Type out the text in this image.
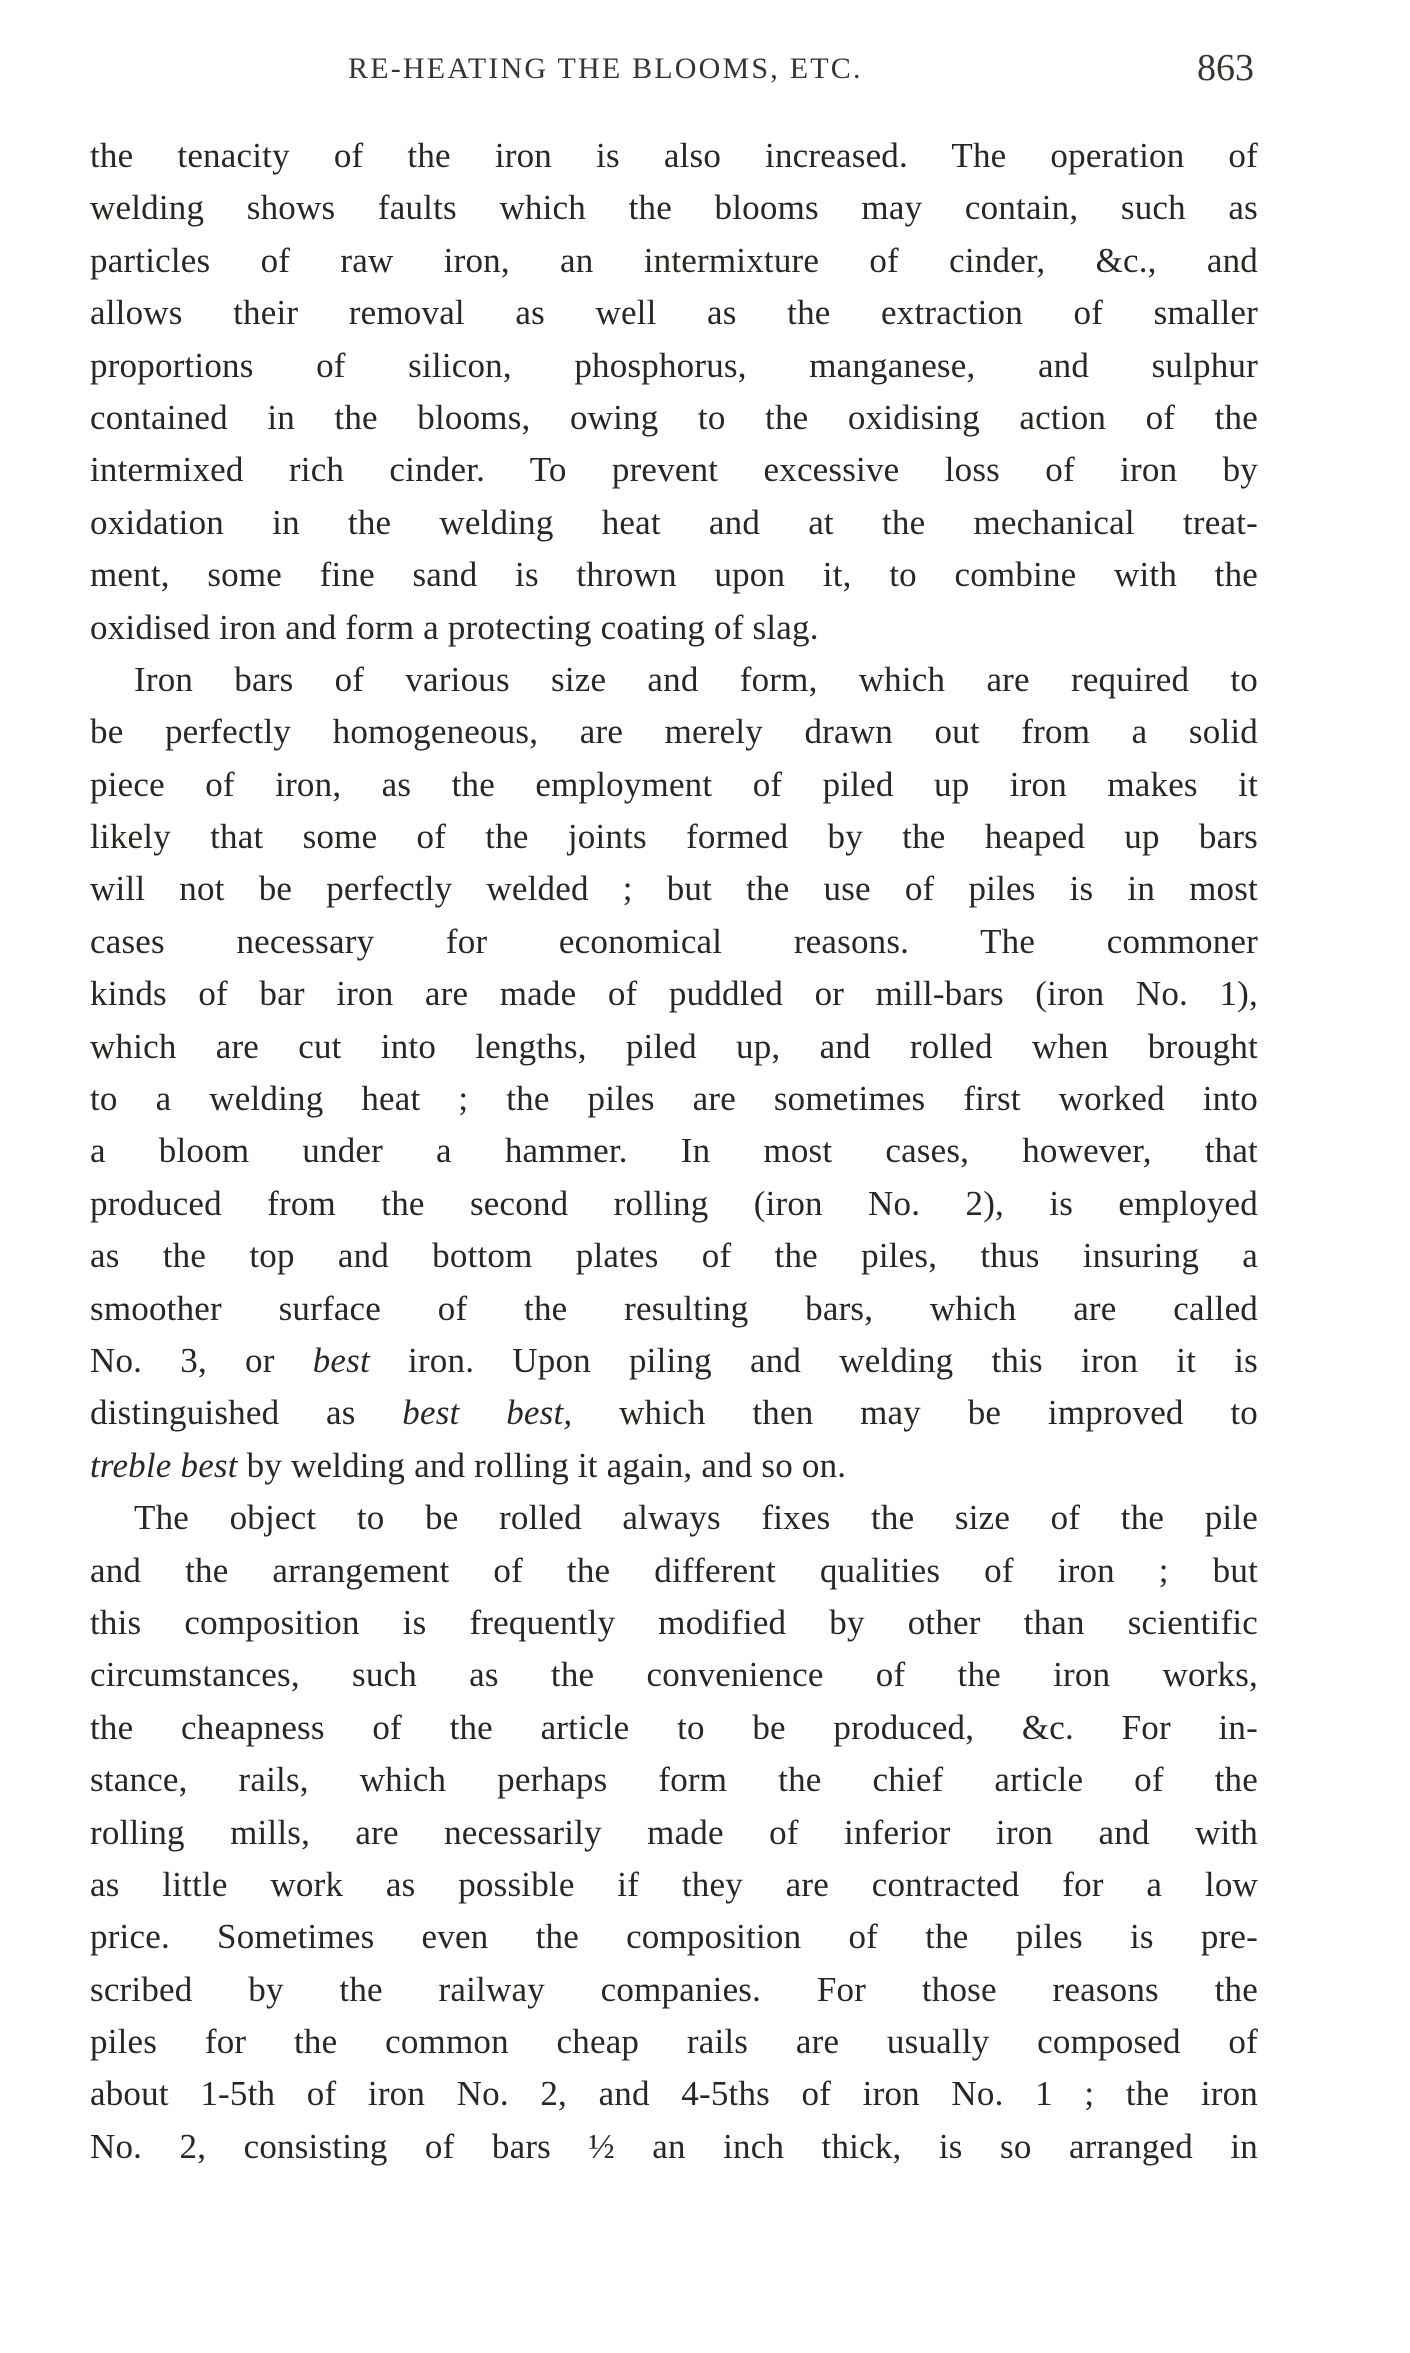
RE-HEATING THE BLOOMS, ETC.	863
the tenacity of the iron is also increased. The operation of
welding shows faults which the blooms may contain, such as
particles of raw iron, an intermixture of cinder, &c., and
allows their removal as well as the extraction of smaller
proportions of silicon, phosphorus, manganese, and sulphur
contained in the blooms, owing to the oxidising action of the
intermixed rich cinder. To prevent excessive loss of iron by
oxidation in the welding heat and at the mechanical treat-
ment, some fine sand is thrown upon it, to combine with the
oxidised iron and form a protecting coating of slag.
Iron bars of various size and form, which are required to
be perfectly homogeneous, are merely drawn out from a solid
piece of iron, as the employment of piled up iron makes it
likely that some of the joints formed by the heaped up bars
will not be perfectly welded ; but the use of piles is in most
cases necessary for economical reasons. The commoner
kinds of bar iron are made of puddled or mill-bars (iron No. 1),
which are cut into lengths, piled up, and rolled when brought
to a welding heat ; the piles are sometimes first worked into
a bloom under a hammer. In most cases, however, that
produced from the second rolling (iron No. 2), is employed
as the top and bottom plates of the piles, thus insuring a
smoother surface of the resulting bars, which are called
No. 3, or best iron. Upon piling and welding this iron it is
distinguished as best best, which then may be improved to
treble best by welding and rolling it again, and so on.
The object to be rolled always fixes the size of the pile
and the arrangement of the different qualities of iron ; but
this composition is frequently modified by other than scientific
circumstances, such as the convenience of the iron works,
the cheapness of the article to be produced, &c. For in-
stance, rails, which perhaps form the chief article of the
rolling mills, are necessarily made of inferior iron and with
as little work as possible if they are contracted for a low
price. Sometimes even the composition of the piles is pre-
scribed by the railway companies. For those reasons the
piles for the common cheap rails are usually composed of
about 1-5th of iron No. 2, and 4-5ths of iron No. 1 ; the iron
No. 2, consisting of bars ½ an inch thick, is so arranged in
